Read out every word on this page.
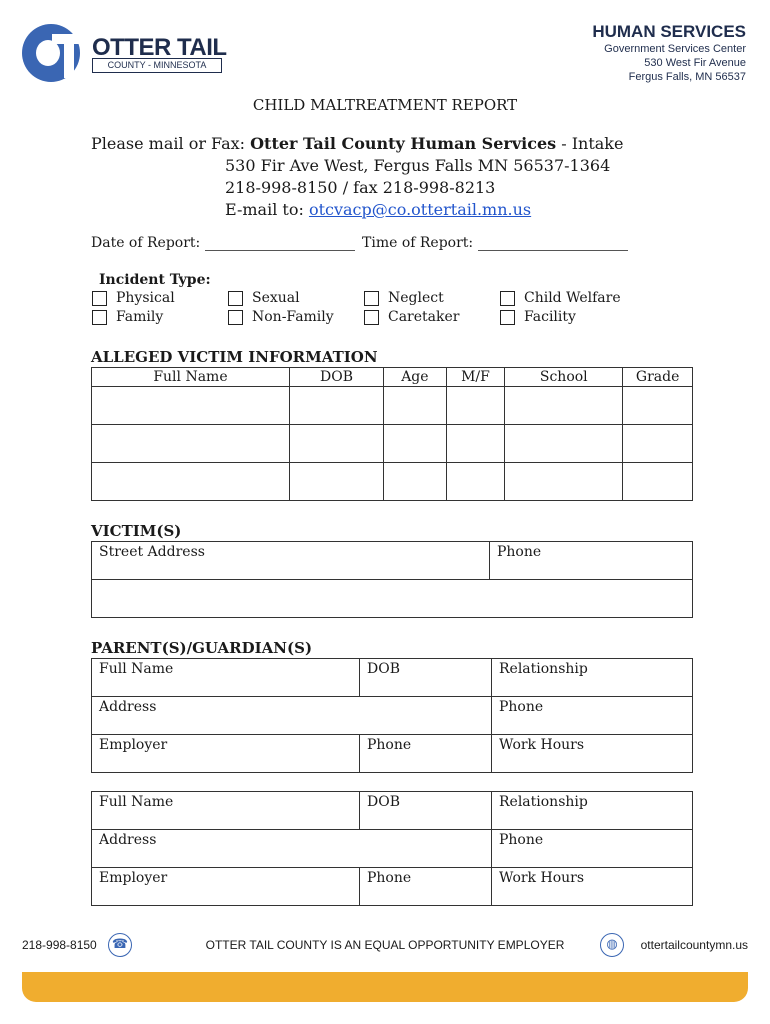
OTTER TAIL
COUNTY - MINNESOTA
HUMAN SERVICES
Government Services Center
530 West Fir Avenue
Fergus Falls, MN 56537
CHILD MALTREATMENT REPORT
Please mail or Fax: Otter Tail County Human Services - Intake
530 Fir Ave West, Fergus Falls MN 56537-1364
218-998-8150 / fax 218-998-8213
E-mail to: otcvacp@co.ottertail.mn.us
Date of Report:	Time of Report:
Incident Type:
Physical
Family
Sexual
Non-Family
Neglect
Caretaker
Child Welfare
Facility
ALLEGED VICTIM INFORMATION
Full Name	DOB	Age	M/F	School	Grade

VICTIM(S)
Street Address	Phone

PARENT(S)/GUARDIAN(S)
Full Name	DOB	Relationship

Address		Phone

Employer	Phone	Work Hours
Full Name	DOB	Relationship

Address		Phone

Employer	Phone	Work Hours
218-998-8150 ☎	OTTER TAIL COUNTY IS AN EQUAL OPPORTUNITY EMPLOYER	◍	ottertailcountymn.us
